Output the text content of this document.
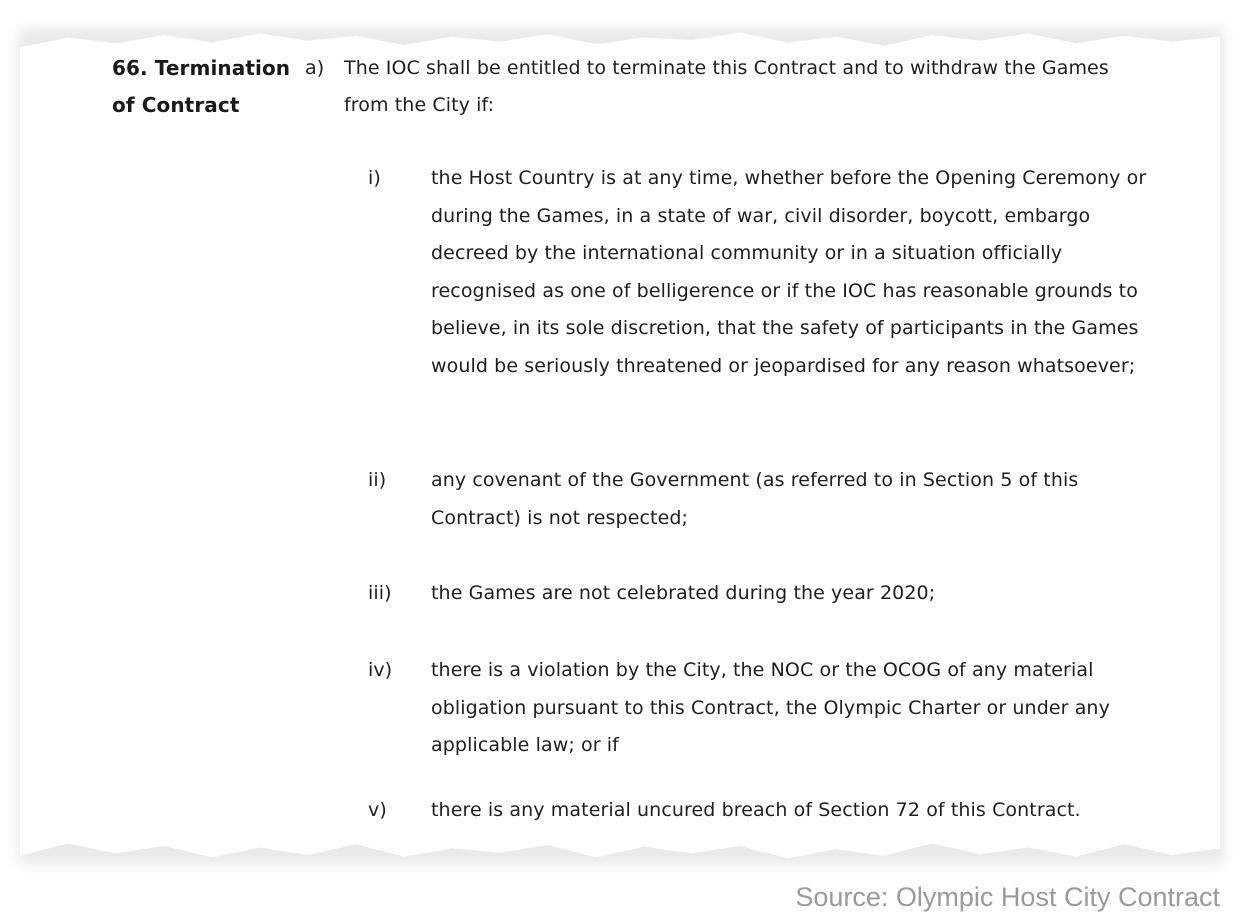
66. Termination
of Contract
a) The IOC shall be entitled to terminate this Contract and to withdraw the Games from the City if:
i)	the Host Country is at any time, whether before the Opening Ceremony or during the Games, in a state of war, civil disorder, boycott, embargo decreed by the international community or in a situation officially recognised as one of belligerence or if the IOC has reasonable grounds to believe, in its sole discretion, that the safety of participants in the Games would be seriously threatened or jeopardised for any reason whatsoever;
ii) any covenant of the Government (as referred to in Section 5 of this Contract) is not respected;
iii) the Games are not celebrated during the year 2020;
iv) there is a violation by the City, the NOC or the OCOG of any material obligation pursuant to this Contract, the Olympic Charter or under any applicable law; or if
v) there is any material uncured breach of Section 72 of this Contract.
Source: Olympic Host City Contract
